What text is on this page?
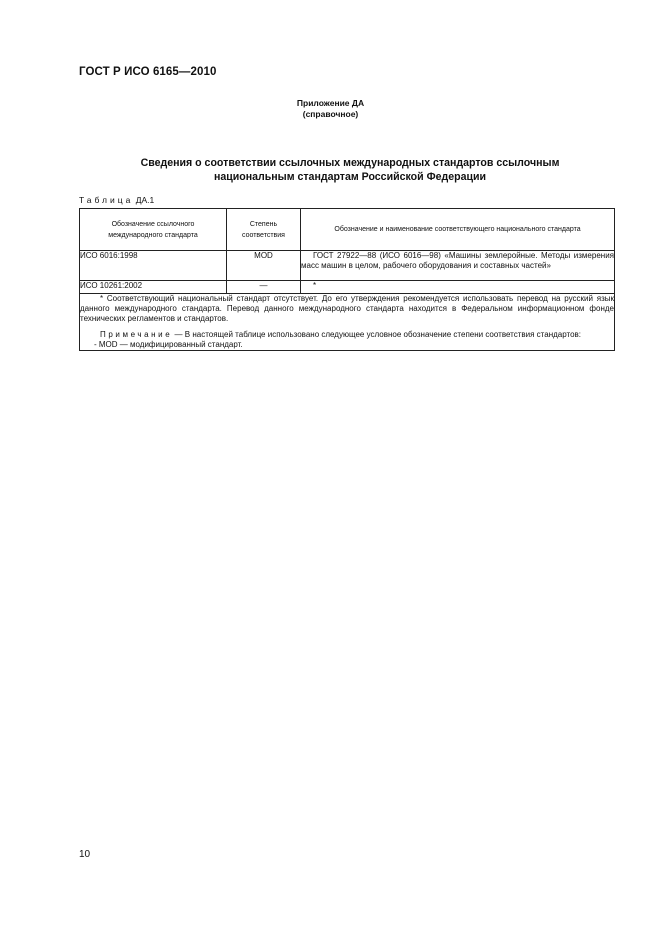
ГОСТ Р ИСО 6165—2010
Приложение ДА
(справочное)
Сведения о соответствии ссылочных международных стандартов ссылочным
национальным стандартам Российской Федерации
Таблица ДА.1
Обозначение ссылочного международного стандарта	Степень соответствия	Обозначение и наименование соответствующего национального стандарта
ИСО 6016:1998	MOD	ГОСТ 27922—88 (ИСО 6016—98) «Машины землеройные. Методы измерения масс машин в целом, рабочего оборудования и составных частей»

ИСО 10261:2002	—	*

* Соответствующий национальный стандарт отсутствует. До его утверждения рекомендуется использовать перевод на русский язык данного международного стандарта. Перевод данного международного стандарта находится в Федеральном информационном фонде технических регламентов и стандартов.

Примечание — В настоящей таблице использовано следующее условное обозначение степени соответствия стандартов:

- MOD — модифицированный стандарт.		

10
